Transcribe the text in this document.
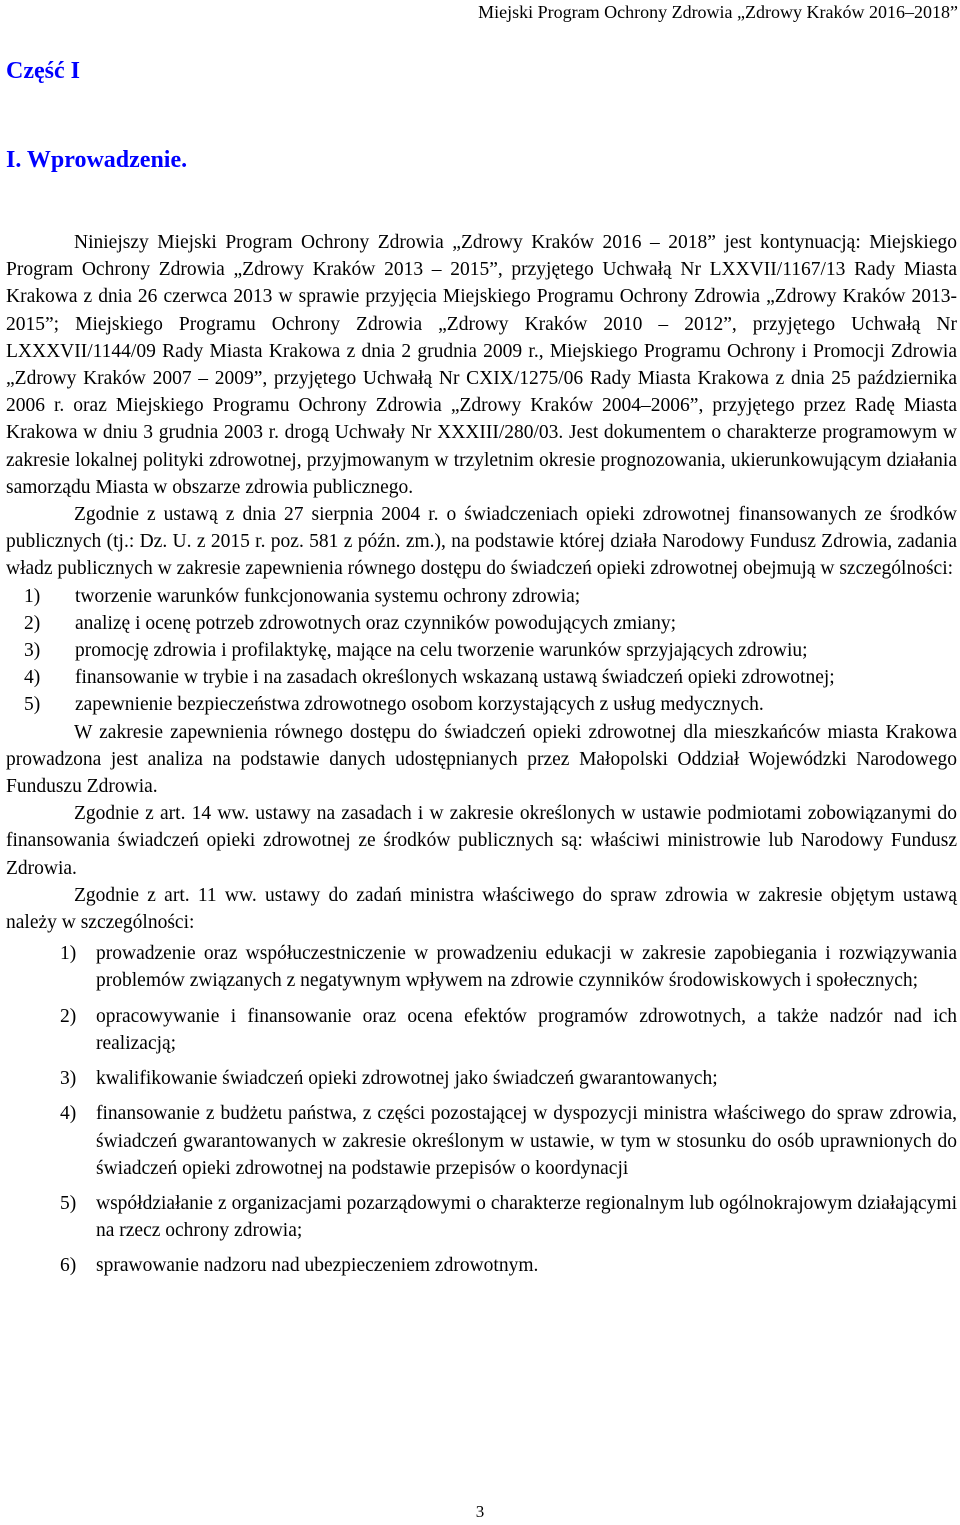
Miejski Program Ochrony Zdrowia „Zdrowy Kraków 2016–2018”
Część I
I. Wprowadzenie.

Niniejszy Miejski Program Ochrony Zdrowia „Zdrowy Kraków 2016 – 2018” jest kontynuacją: Miejskiego Program Ochrony Zdrowia „Zdrowy Kraków 2013 – 2015”, przyjętego Uchwałą Nr LXXVII/1167/13 Rady Miasta Krakowa z dnia 26 czerwca 2013 w sprawie przyjęcia Miejskiego Programu Ochrony Zdrowia „Zdrowy Kraków 2013-2015”; Miejskiego Programu Ochrony Zdrowia „Zdrowy Kraków 2010 – 2012”, przyjętego Uchwałą Nr LXXXVII/1144/09 Rady Miasta Krakowa z dnia 2 grudnia 2009 r., Miejskiego Programu Ochrony i Promocji Zdrowia „Zdrowy Kraków 2007 – 2009”, przyjętego Uchwałą Nr CXIX/1275/06 Rady Miasta Krakowa z dnia 25 października 2006 r. oraz Miejskiego Programu Ochrony Zdrowia „Zdrowy Kraków 2004–2006”, przyjętego przez Radę Miasta Krakowa w dniu 3 grudnia 2003 r. drogą Uchwały Nr XXXIII/280/03. Jest dokumentem o charakterze programowym w zakresie lokalnej polityki zdrowotnej, przyjmowanym w trzyletnim okresie prognozowania, ukierunkowującym działania samorządu Miasta w obszarze zdrowia publicznego.

Zgodnie z ustawą z dnia 27 sierpnia 2004 r. o świadczeniach opieki zdrowotnej finansowanych ze środków publicznych (tj.: Dz. U. z 2015 r. poz. 581 z późn. zm.), na podstawie której działa Narodowy Fundusz Zdrowia, zadania władz publicznych w zakresie zapewnienia równego dostępu do świadczeń opieki zdrowotnej obejmują w szczególności:

1) tworzenie warunków funkcjonowania systemu ochrony zdrowia;
2) analizę i ocenę potrzeb zdrowotnych oraz czynników powodujących zmiany;
3) promocję zdrowia i profilaktykę, mające na celu tworzenie warunków sprzyjających zdrowiu;
4) finansowanie w trybie i na zasadach określonych wskazaną ustawą świadczeń opieki zdrowotnej;
5) zapewnienie bezpieczeństwa zdrowotnego osobom korzystających z usług medycznych.

W zakresie zapewnienia równego dostępu do świadczeń opieki zdrowotnej dla mieszkańców miasta Krakowa prowadzona jest analiza na podstawie danych udostępnianych przez Małopolski Oddział Wojewódzki Narodowego Funduszu Zdrowia.

Zgodnie z art. 14 ww. ustawy na zasadach i w zakresie określonych w ustawie podmiotami zobowiązanymi do finansowania świadczeń opieki zdrowotnej ze środków publicznych są: właściwi ministrowie lub Narodowy Fundusz Zdrowia.

Zgodnie z art. 11 ww. ustawy do zadań ministra właściwego do spraw zdrowia w zakresie objętym ustawą należy w szczególności:

1) prowadzenie oraz współuczestniczenie w prowadzeniu edukacji w zakresie zapobiegania i rozwiązywania problemów związanych z negatywnym wpływem na zdrowie czynników środowiskowych i społecznych;
2) opracowywanie i finansowanie oraz ocena efektów programów zdrowotnych, a także nadzór nad ich realizacją;
3) kwalifikowanie świadczeń opieki zdrowotnej jako świadczeń gwarantowanych;
4) finansowanie z budżetu państwa, z części pozostającej w dyspozycji ministra właściwego do spraw zdrowia, świadczeń gwarantowanych w zakresie określonym w ustawie, w tym w stosunku do osób uprawnionych do świadczeń opieki zdrowotnej na podstawie przepisów o koordynacji
5) współdziałanie z organizacjami pozarządowymi o charakterze regionalnym lub ogólnokrajowym działającymi na rzecz ochrony zdrowia;
6) sprawowanie nadzoru nad ubezpieczeniem zdrowotnym.
3
